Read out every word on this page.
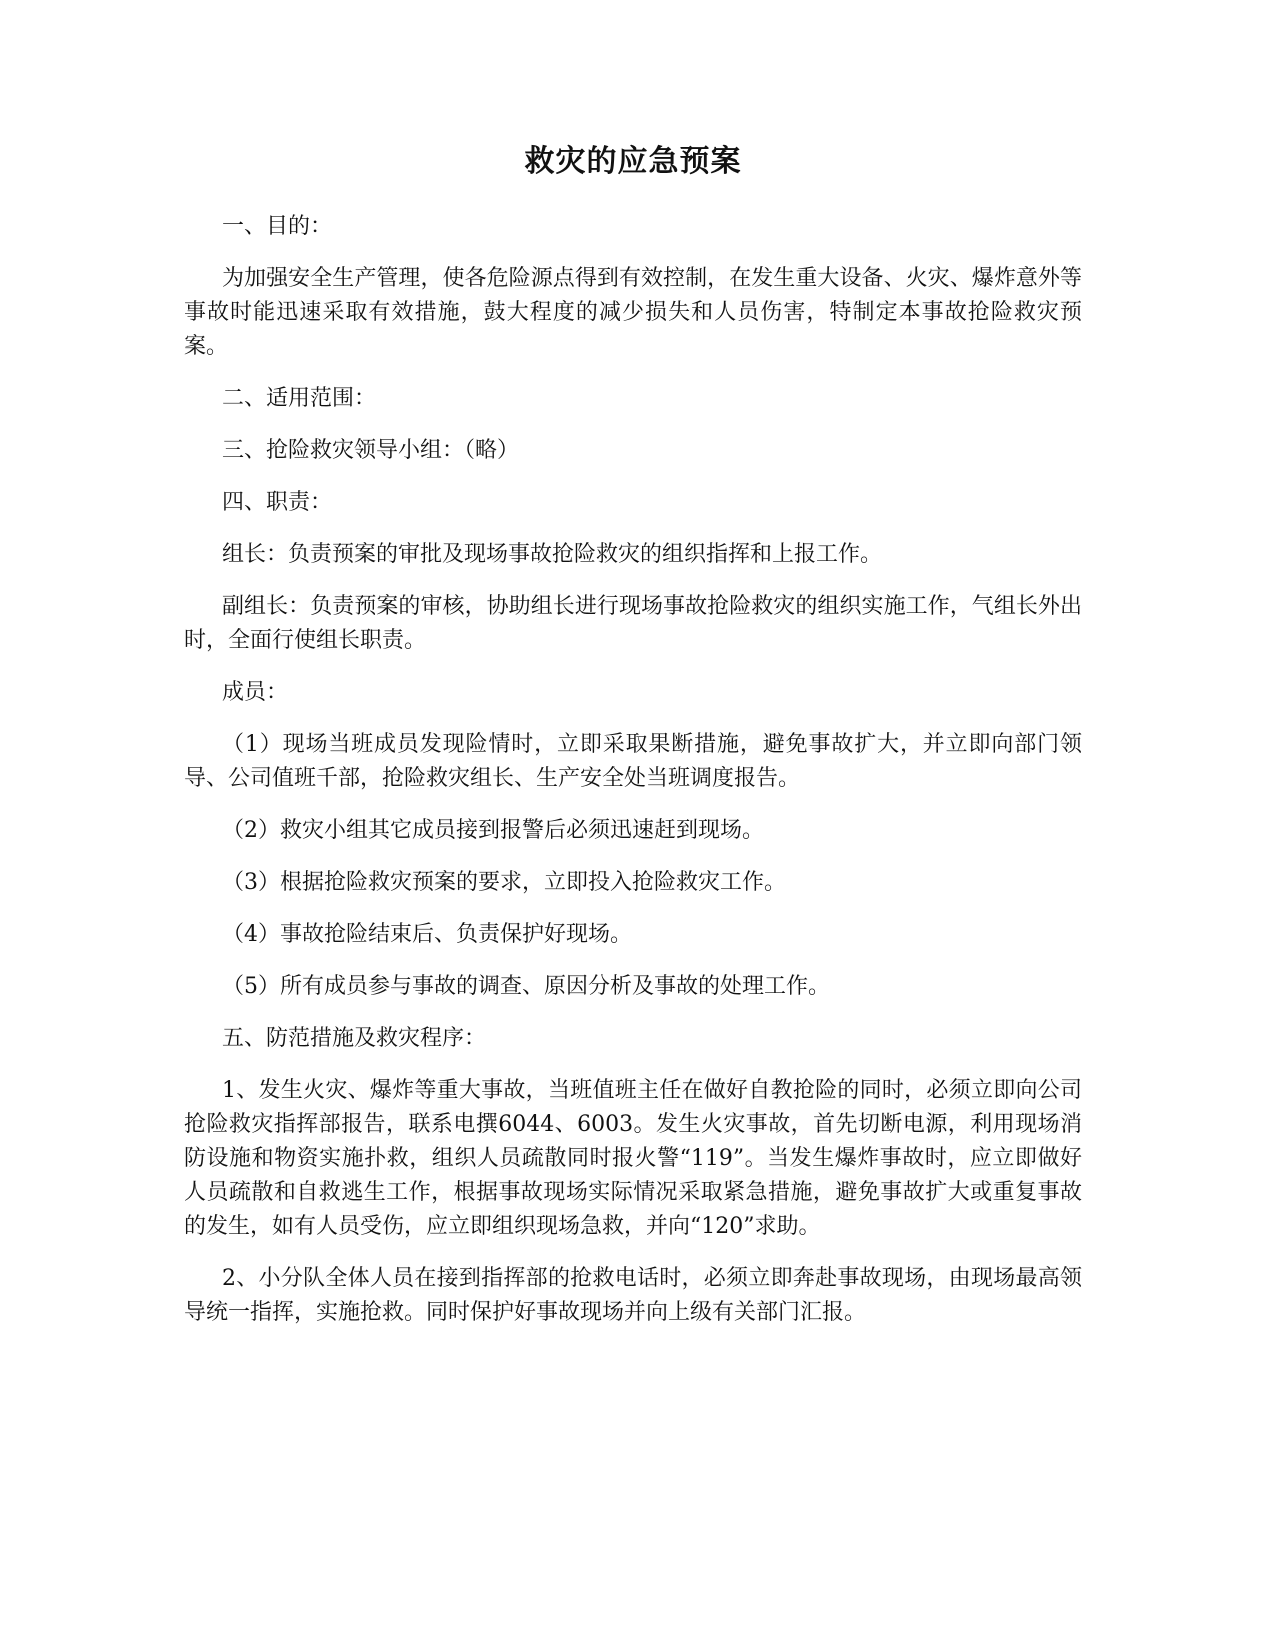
救灾的应急预案

一、目的：

为加强安全生产管理，使各危险源点得到有效控制，在发生重大设备、火灾、爆炸意外等事故时能迅速采取有效措施，鼓大程度的减少损失和人员伤害，特制定本事故抢险救灾预案。

二、适用范围：

三、抢险救灾领导小组：（略）

四、职责：

组长：负责预案的审批及现场事故抢险救灾的组织指挥和上报工作。

副组长：负责预案的审核，协助组长进行现场事故抢险救灾的组织实施工作，气组长外出时，全面行使组长职责。

成员：

（1）现场当班成员发现险情时，立即采取果断措施，避免事故扩大，并立即向部门领导、公司值班千部，抢险救灾组长、生产安全处当班调度报告。

（2）救灾小组其它成员接到报警后必须迅速赶到现场。

（3）根据抢险救灾预案的要求，立即投入抢险救灾工作。

（4）事故抢险结束后、负责保护好现场。

（5）所有成员参与事故的调查、原因分析及事故的处理工作。

五、防范措施及救灾程序：

1、发生火灾、爆炸等重大事故，当班值班主任在做好自教抢险的同时，必须立即向公司抢险救灾指挥部报告，联系电撰6044、6003。发生火灾事故，首先切断电源，利用现场消防设施和物资实施扑救，组织人员疏散同时报火警“119”。当发生爆炸事故时，应立即做好人员疏散和自救逃生工作，根据事故现场实际情况采取紧急措施，避免事故扩大或重复事故的发生，如有人员受伤，应立即组织现场急救，并向“120”求助。

2、小分队全体人员在接到指挥部的抢救电话时，必须立即奔赴事故现场，由现场最高领导统一指挥，实施抢救。同时保护好事故现场并向上级有关部门汇报。
